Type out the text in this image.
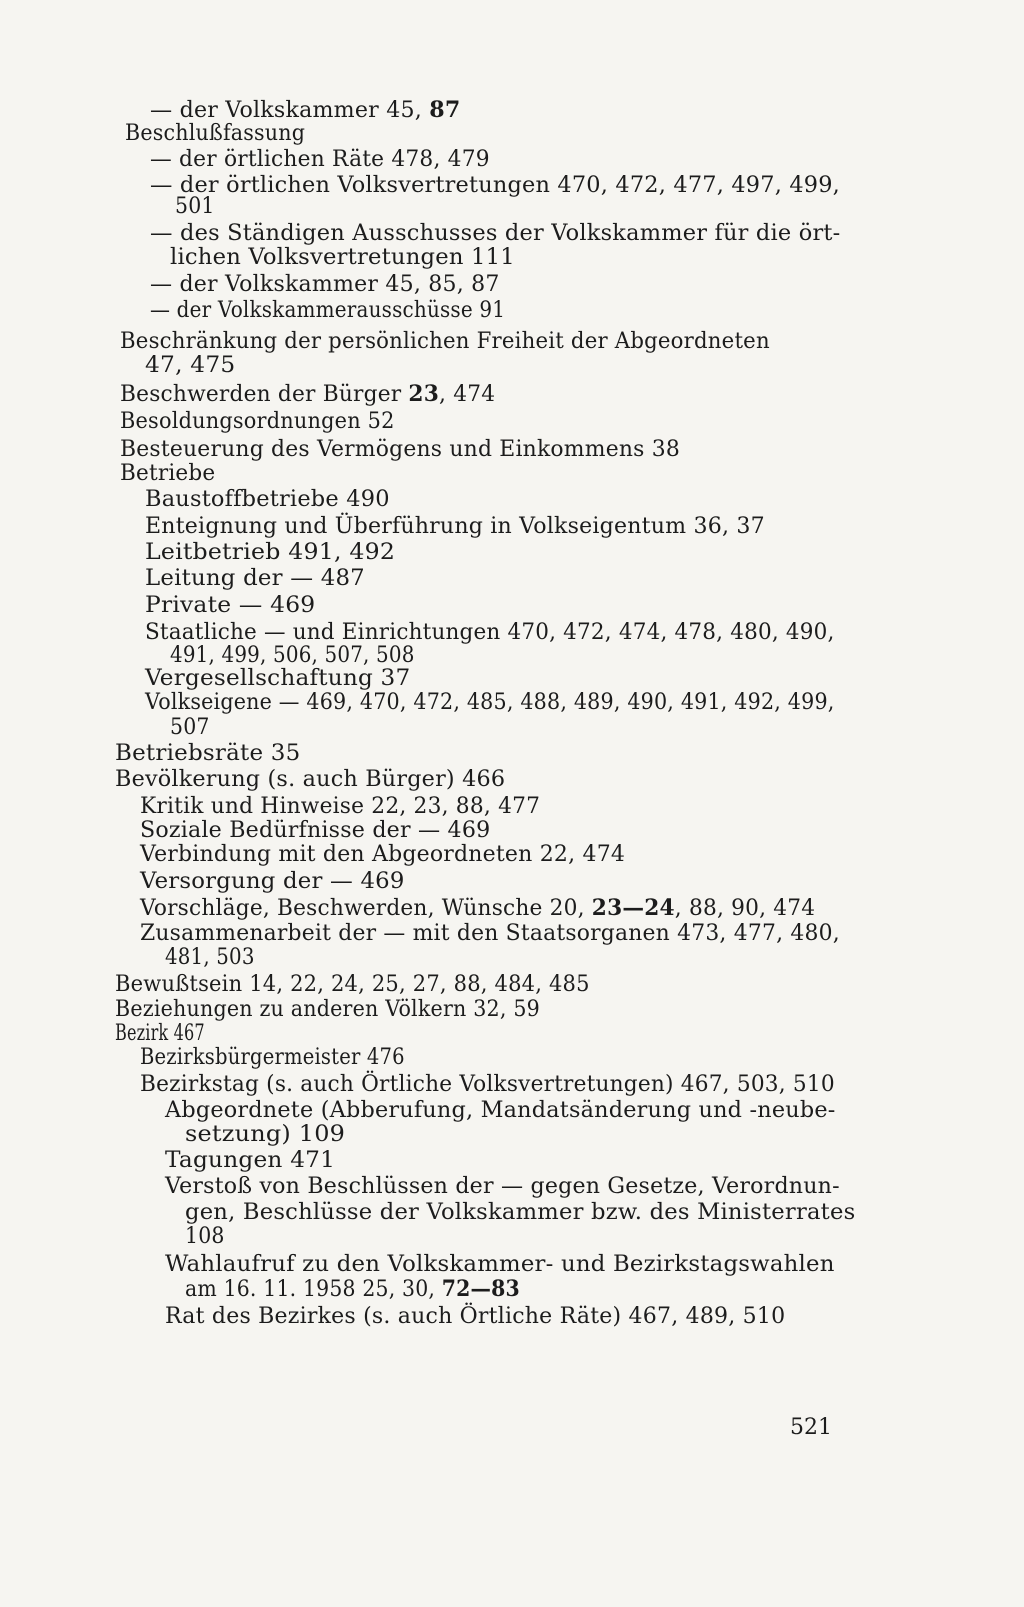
— der Volkskammer 45, 87
Beschlußfassung
— der örtlichen Räte 478, 479
— der örtlichen Volksvertretungen 470, 472, 477, 497, 499,
501
— des Ständigen Ausschusses der Volkskammer für die ört-
lichen Volksvertretungen 111
— der Volkskammer 45, 85, 87
— der Volkskammerausschüsse 91
Beschränkung der persönlichen Freiheit der Abgeordneten
47, 475
Beschwerden der Bürger 23, 474
Besoldungsordnungen 52
Besteuerung des Vermögens und Einkommens 38
Betriebe
Baustoffbetriebe 490
Enteignung und Überführung in Volkseigentum 36, 37
Leitbetrieb 491, 492
Leitung der — 487
Private — 469
Staatliche — und Einrichtungen 470, 472, 474, 478, 480, 490,
491, 499, 506, 507, 508
Vergesellschaftung 37
Volkseigene — 469, 470, 472, 485, 488, 489, 490, 491, 492, 499,
507
Betriebsräte 35
Bevölkerung (s. auch Bürger) 466
Kritik und Hinweise 22, 23, 88, 477
Soziale Bedürfnisse der — 469
Verbindung mit den Abgeordneten 22, 474
Versorgung der — 469
Vorschläge, Beschwerden, Wünsche 20, 23—24, 88, 90, 474
Zusammenarbeit der — mit den Staatsorganen 473, 477, 480,
481, 503
Bewußtsein 14, 22, 24, 25, 27, 88, 484, 485
Beziehungen zu anderen Völkern 32, 59
Bezirk 467
Bezirksbürgermeister 476
Bezirkstag (s. auch Örtliche Volksvertretungen) 467, 503, 510
Abgeordnete (Abberufung, Mandatsänderung und -neube-
setzung) 109
Tagungen 471
Verstoß von Beschlüssen der — gegen Gesetze, Verordnun-
gen, Beschlüsse der Volkskammer bzw. des Ministerrates
108
Wahlaufruf zu den Volkskammer- und Bezirkstagswahlen
am 16. 11. 1958 25, 30, 72—83
Rat des Bezirkes (s. auch Örtliche Räte) 467, 489, 510
521
